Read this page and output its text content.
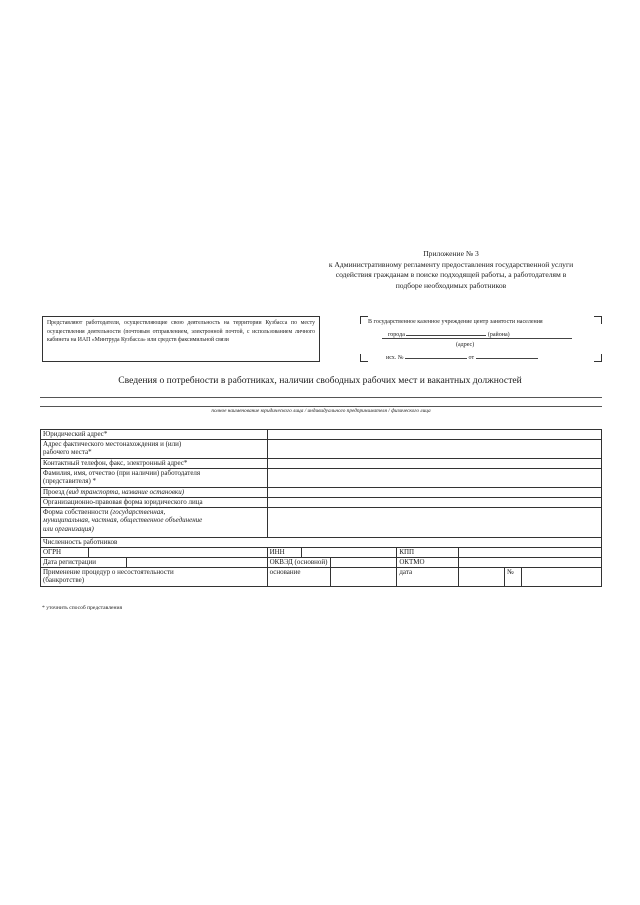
Приложение № 3
к Административному регламенту предоставления государственной услуги
содействия гражданам в поиске подходящей работы, а работодателям в
подборе необходимых работников
Представляют работодатели, осуществляющие свою деятельность на территории Кузбасса по месту осуществления деятельности (почтовым отправлением, электронной почтой, с использованием личного кабинета на ИАП «Минтруда Кузбасса» или средств факсимильной связи
В государственное казенное учреждение центр занятости населения
города	(района)
(адрес)
исх. №	от
Сведения о потребности в работниках, наличии свободных рабочих мест и вакантных должностей
полное наименование юридического лица / индивидуального предпринимателя / физического лица
Юридический адрес*									

Адрес фактического местонахождения и (или)
рабочего места*									

Контактный телефон, факс, электронный адрес*									

Фамилия, имя, отчество (при наличии) работодателя
(представителя) *									

Проезд (вид транспорта, название остановки)									
Организационно-правовая форма юридического лица									

Форма собственности (государственная,
муниципальная, частная, общественное объединение
или организация)									

Численность работников									
ОГРН			ИНН			КПП			
Дата регистрации			ОКВЭД (основной)			ОКТМО			

Применение процедур о несостоятельности
(банкротстве)			основание			дата		№	
* уточнить способ представления
